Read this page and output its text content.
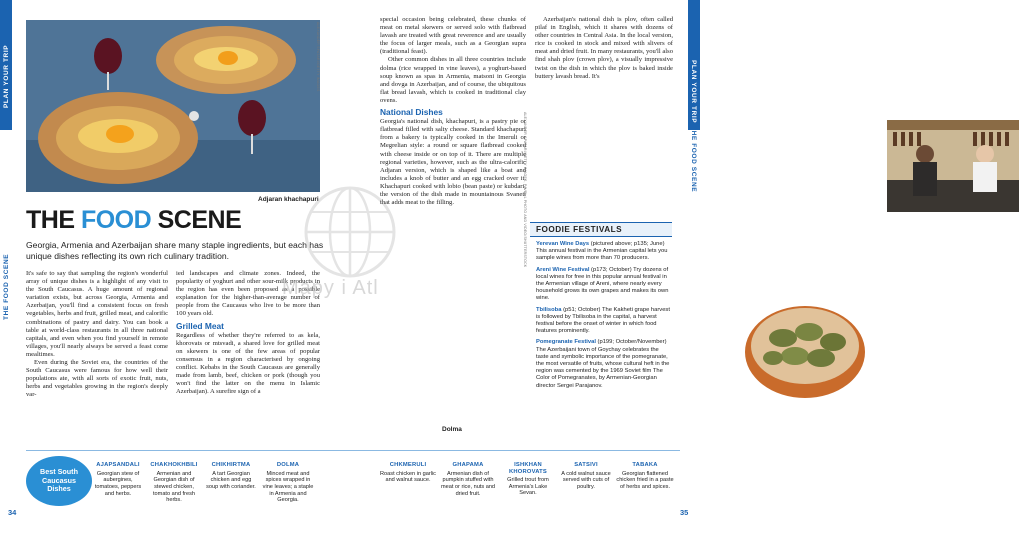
PLAN YOUR TRIP
THE FOOD SCENE
ALEXANDER SPATARI/GETTY IMAGES
Adjaran khachapuri
THE FOOD SCENE
Georgia, Armenia and Azerbaijan share many staple ingredients, but each has unique dishes reflecting its own rich culinary tradition.

It's safe to say that sampling the region's wonderful array of unique dishes is a highlight of any visit to the South Caucasus. A huge amount of regional variation exists, but across Georgia, Armenia and Azerbaijan, you'll find a consistent focus on fresh vegetables, herbs and fruit, grilled meat, and calorific combinations of pastry and dairy. You can book a table at world-class restaurants in all three national capitals, and even when you find yourself in remote villages, you'll nearly always be served a feast come mealtimes.

Even during the Soviet era, the countries of the South Caucasus were famous for how well their populations ate, with all sorts of exotic fruit, nuts, herbs and vegetables growing in the region's deeply var-

ied landscapes and climate zones. Indeed, the popularity of yoghurt and other sour-milk products in the region has even been proposed as a possible explanation for the higher-than-average number of people from the Caucasus who live to be more than 100 years old.

Grilled Meat

Regardless of whether they're referred to as kela, khorovats or mtsvadi, a shared love for grilled meat on skewers is one of the few areas of popular consensus in a region characterised by ongoing conflict. Kebabs in the South Caucasus are generally made from lamb, beef, chicken or pork (though you won't find the latter on the menu in Islamic Azerbaijan). A surefire sign of a

Best South Caucasus Dishes
AJAPSANDALI
Georgian stew of aubergines, tomatoes, peppers and herbs.
CHAKHOKHBILI
Armenian and Georgian dish of stewed chicken, tomato and fresh herbs.
CHIKHIRTMA
A tart Georgian chicken and egg soup with coriander.
DOLMA
Minced meat and spices wrapped in vine leaves; a staple in Armenia and Georgia.
34
PLAN YOUR TRIP
THE FOOD SCENE

special occasion being celebrated, these chunks of meat on metal skewers or served solo with flatbread lavash are treated with great reverence and are usually the focus of larger meals, such as a Georgian supra (traditional feast).

Other common dishes in all three countries include dolma (rice wrapped in vine leaves), a yoghurt-based soup known as spas in Armenia, matsoni in Georgia and dovga in Azerbaijan, and of course, the ubiquitous flat bread lavash, which is cooked in traditional clay ovens.

National Dishes

Georgia's national dish, khachapuri, is a pastry pie or flatbread filled with salty cheese. Standard khachapuri from a bakery is typically cooked in the Imeruli or Megrelian style: a round or square flatbread cooked with cheese inside or on top of it. There are multiple regional varieties, however, such as the ultra-calorific Adjaran version, which is shaped like a boat and includes a knob of butter and an egg cracked over it. Khachapuri cooked with lobio (bean paste) or kubdari, the version of the dish made in mountainous Svaneti that adds meat to the filling.

Azerbaijan's national dish is plov, often called pilaf in English, which it shares with dozens of other countries in Central Asia. In the local version, rice is cooked in stock and mixed with slivers of meat and dried fruit. In many restaurants, you'll also find shah plov (crown plov), a visually impressive twist on the dish in which the plov is baked inside buttery lavash bread. It's

ALEXANDER SPATARI/GETTY IMAGES, PAVEL L PHOTO AND VIDEO/SHUTTERSTOCK
Dolma
Mapy i Atl
FOODIE FESTIVALS
Yerevan Wine Days (pictured above; p135; June) This annual festival in the Armenian capital lets you sample wines from more than 70 producers.
Areni Wine Festival (p173; October) Try dozens of local wines for free in this popular annual festival in the Armenian village of Areni, where nearly every household grows its own grapes and makes its own wine.
Tbilisoba (p51; October) The Kakheti grape harvest is followed by Tbilisoba in the capital, a harvest festival before the onset of winter in which food features prominently.
Pomegranate Festival (p199; October/November) The Azerbaijani town of Goychay celebrates the taste and symbolic importance of the pomegranate, the most versatile of fruits, whose cultural heft in the region was cemented by the 1969 Soviet film The Color of Pomegranates, by Armenian-Georgian director Sergei Parajanov.
CHKMERULI
Roast chicken in garlic and walnut sauce.
GHAPAMA
Armenian dish of pumpkin stuffed with meat or rice, nuts and dried fruit.
ISHKHAN KHOROVATS
Grilled trout from Armenia's Lake Sevan.
SATSIVI
A cold walnut sauce served with cuts of poultry.
TABAKA
Georgian flattened chicken fried in a paste of herbs and spices.
35
